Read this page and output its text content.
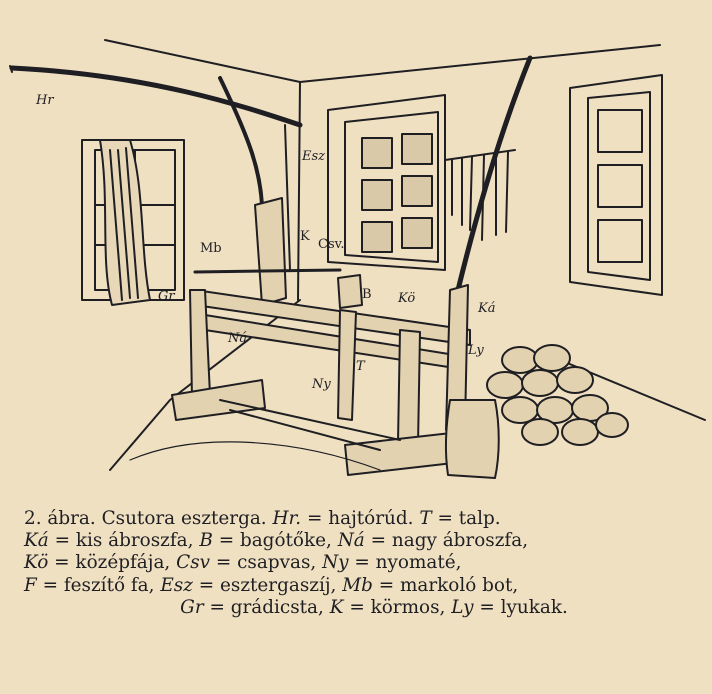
Hr
Esz
K
Csv.
Mb
Gr	B Kö
Ká
Ná
T
Ly
Ny
2. ábra. Csutora esztergа. Hr. = hajtórúd. T = talp.
Ká = kis ábroszfa, B = bagótőke, Ná = nagy ábroszfa,
Kö = középfája, Csv = csapvas, Ny = nyomaté,
F = feszítő fa, Esz = esztergaszíj, Mb = markoló bot,
Gr = grádicsta, K = körmos, Ly = lyukak.
